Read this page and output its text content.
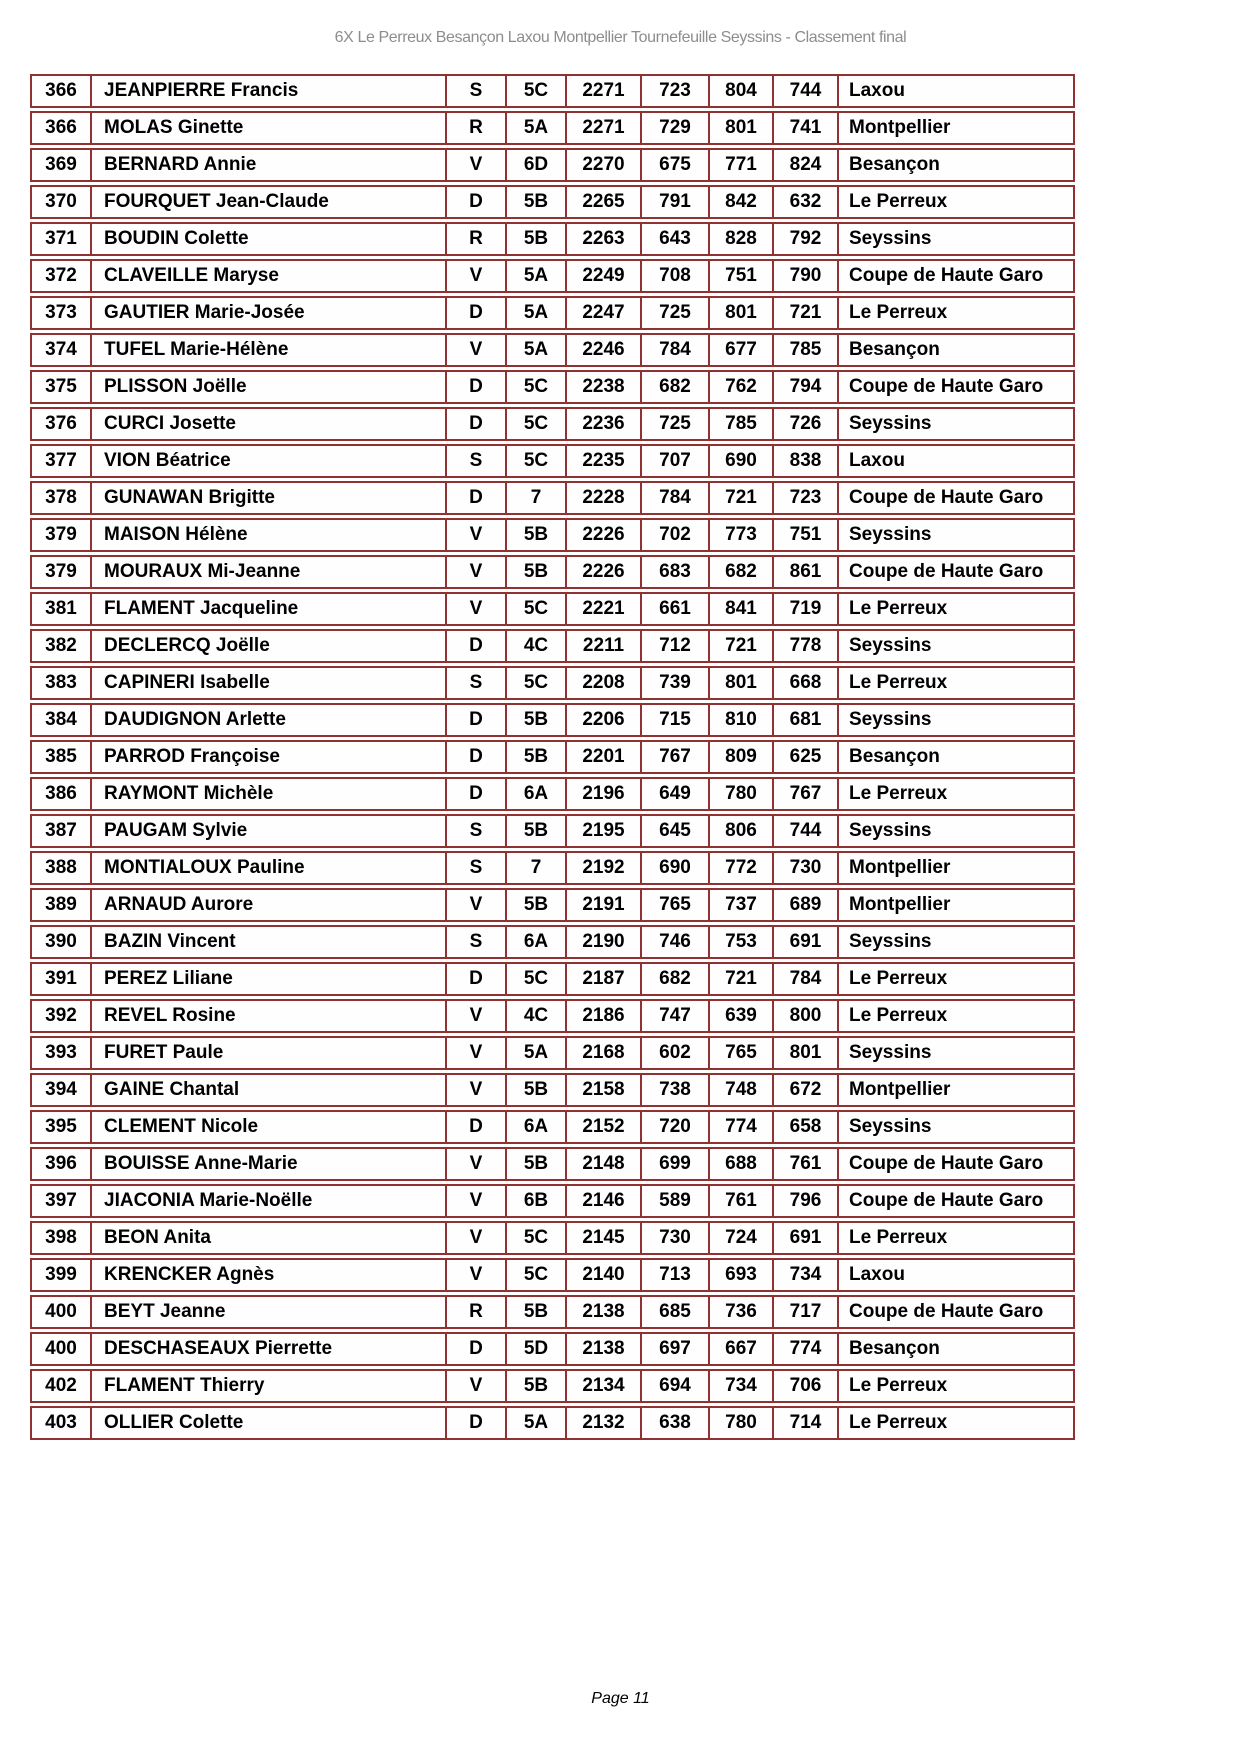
6X Le Perreux Besançon Laxou Montpellier Tournefeuille Seyssins - Classement final
366	JEANPIERRE Francis	S	5C	2271	723	804	744	Laxou
366	MOLAS Ginette	R	5A	2271	729	801	741	Montpellier
369	BERNARD Annie	V	6D	2270	675	771	824	Besançon
370	FOURQUET Jean-Claude	D	5B	2265	791	842	632	Le Perreux
371	BOUDIN Colette	R	5B	2263	643	828	792	Seyssins
372	CLAVEILLE Maryse	V	5A	2249	708	751	790	Coupe de Haute Garo
373	GAUTIER Marie-Josée	D	5A	2247	725	801	721	Le Perreux
374	TUFEL Marie-Hélène	V	5A	2246	784	677	785	Besançon
375	PLISSON Joëlle	D	5C	2238	682	762	794	Coupe de Haute Garo
376	CURCI Josette	D	5C	2236	725	785	726	Seyssins
377	VION Béatrice	S	5C	2235	707	690	838	Laxou
378	GUNAWAN Brigitte	D	7	2228	784	721	723	Coupe de Haute Garo
379	MAISON Hélène	V	5B	2226	702	773	751	Seyssins
379	MOURAUX Mi-Jeanne	V	5B	2226	683	682	861	Coupe de Haute Garo
381	FLAMENT Jacqueline	V	5C	2221	661	841	719	Le Perreux
382	DECLERCQ Joëlle	D	4C	2211	712	721	778	Seyssins
383	CAPINERI Isabelle	S	5C	2208	739	801	668	Le Perreux
384	DAUDIGNON Arlette	D	5B	2206	715	810	681	Seyssins
385	PARROD Françoise	D	5B	2201	767	809	625	Besançon
386	RAYMONT Michèle	D	6A	2196	649	780	767	Le Perreux
387	PAUGAM Sylvie	S	5B	2195	645	806	744	Seyssins
388	MONTIALOUX Pauline	S	7	2192	690	772	730	Montpellier
389	ARNAUD Aurore	V	5B	2191	765	737	689	Montpellier
390	BAZIN Vincent	S	6A	2190	746	753	691	Seyssins
391	PEREZ Liliane	D	5C	2187	682	721	784	Le Perreux
392	REVEL Rosine	V	4C	2186	747	639	800	Le Perreux
393	FURET Paule	V	5A	2168	602	765	801	Seyssins
394	GAINE Chantal	V	5B	2158	738	748	672	Montpellier
395	CLEMENT Nicole	D	6A	2152	720	774	658	Seyssins
396	BOUISSE Anne-Marie	V	5B	2148	699	688	761	Coupe de Haute Garo
397	JIACONIA Marie-Noëlle	V	6B	2146	589	761	796	Coupe de Haute Garo
398	BEON Anita	V	5C	2145	730	724	691	Le Perreux
399	KRENCKER Agnès	V	5C	2140	713	693	734	Laxou
400	BEYT Jeanne	R	5B	2138	685	736	717	Coupe de Haute Garo
400	DESCHASEAUX Pierrette	D	5D	2138	697	667	774	Besançon
402	FLAMENT Thierry	V	5B	2134	694	734	706	Le Perreux
403	OLLIER Colette	D	5A	2132	638	780	714	Le Perreux
Page 11
